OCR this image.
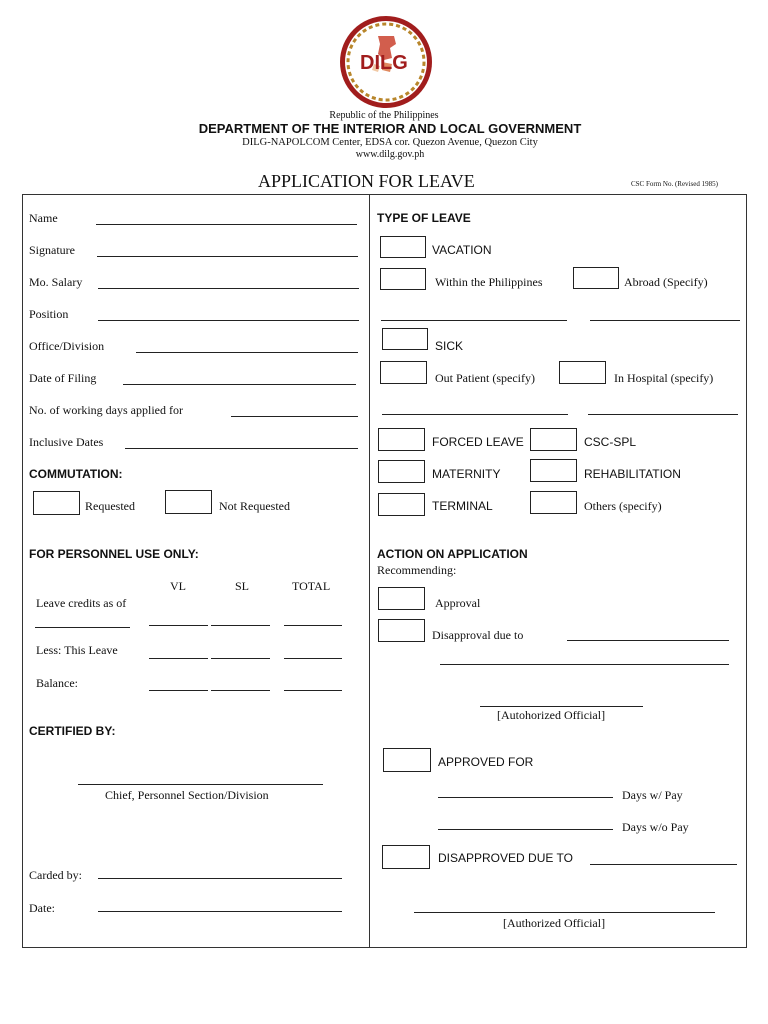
DILG
Republic of the Philippines
DEPARTMENT OF THE INTERIOR AND LOCAL GOVERNMENT
DILG-NAPOLCOM Center, EDSA cor. Quezon Avenue, Quezon City
www.dilg.gov.ph
APPLICATION FOR LEAVE	CSC Form No. (Revised 1985)
Name
Signature
Mo. Salary
Position
Office/Division
Date of Filing
No. of working days applied for
Inclusive Dates
COMMUTATION:
Requested	Not Requested
FOR PERSONNEL USE ONLY:
VL	SL	TOTAL
Leave credits as of
Less: This Leave
Balance:
CERTIFIED BY:
Chief, Personnel Section/Division
Carded by:
Date:
TYPE OF LEAVE
VACATION
Within the Philippines	Abroad (Specify)
SICK
Out Patient (specify)	In Hospital (specify)
FORCED LEAVE	CSC-SPL
MATERNITY	REHABILITATION
TERMINAL	Others (specify)
ACTION ON APPLICATION
Recommending:
Approval
Disapproval due to
[Autohorized Official]
APPROVED FOR
Days w/ Pay
Days w/o Pay
DISAPPROVED DUE TO
[Authorized Official]
